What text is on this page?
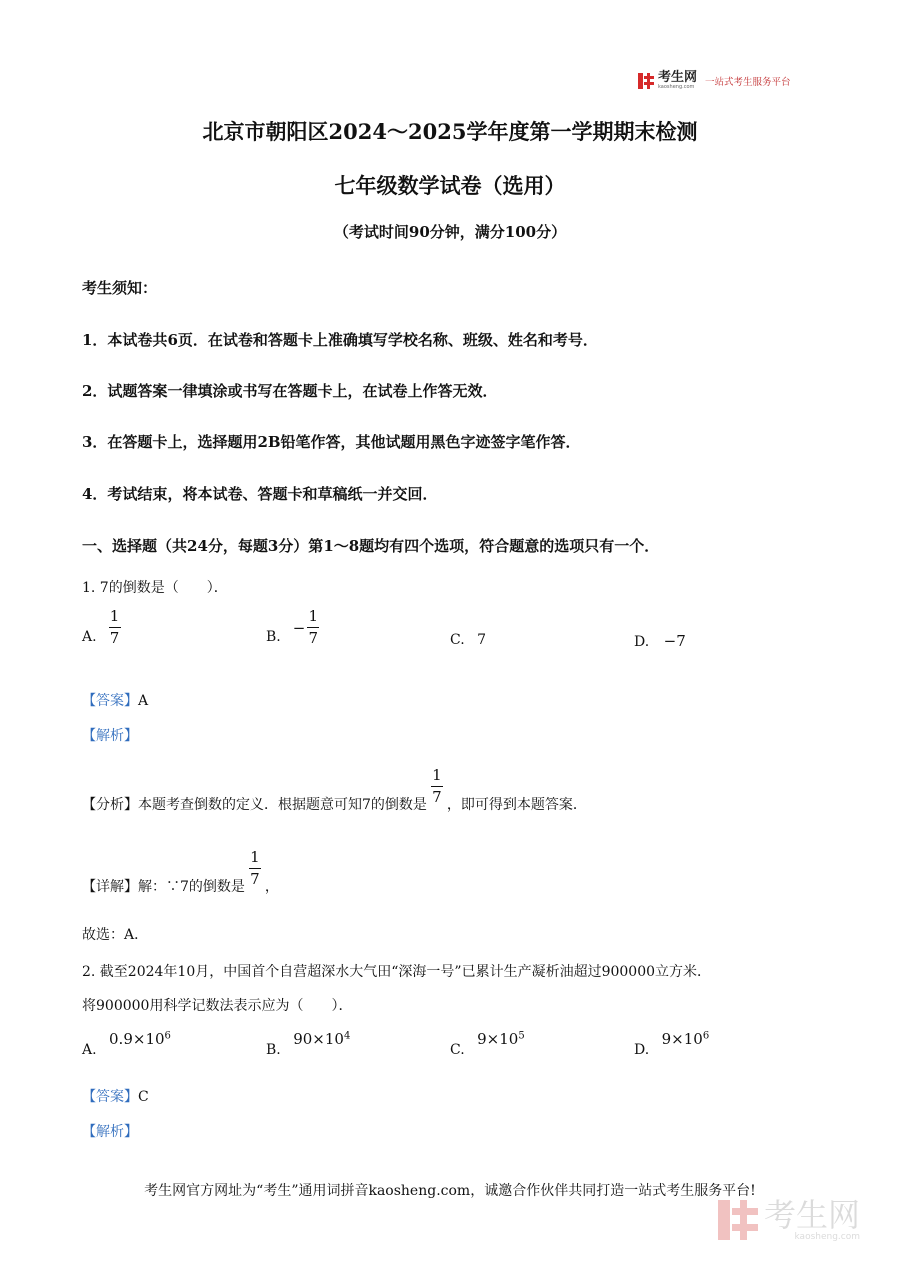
考生网
kaosheng.com 一站式考生服务平台
北京市朝阳区2024～2025学年度第一学期期末检测
七年级数学试卷（选用）
（考试时间90分钟，满分100分）
考生须知：
1．本试卷共6页．在试卷和答题卡上准确填写学校名称、班级、姓名和考号．
2．试题答案一律填涂或书写在答题卡上，在试卷上作答无效．
3．在答题卡上，选择题用2B铅笔作答，其他试题用黑色字迹签字笔作答．
4．考试结束，将本试卷、答题卡和草稿纸一并交回．
一、选择题（共24分，每题3分）第1～8题均有四个选项，符合题意的选项只有一个．
1. 7的倒数是（　　）．
A. $\frac{1}{7}$	B. − $\frac{1}{7}$	C. 7	D. −7
【答案】A
【解析】
【分析】 本题考查倒数的定义．根据题意可知7的倒数是 $\frac{1}{7}$ ，即可得到本题答案．
【详解】 解：∵7的倒数是 $\frac{1}{7}$ ，
故选：A．
2. 截至2024年10月，中国首个自营超深水大气田“深海一号”已累计生产凝析油超过900000立方米．
将900000用科学记数法表示应为（　　）．
A. $0.9\times 10^6$
B. $90\times 10^4$
C. $9\times 10^5$
D. $9\times 10^6$
【答案】C
【解析】
考生网官方网址为“考生”通用词拼音kaosheng.com，诚邀合作伙伴共同打造一站式考生服务平台!
考生网
kaosheng.com
